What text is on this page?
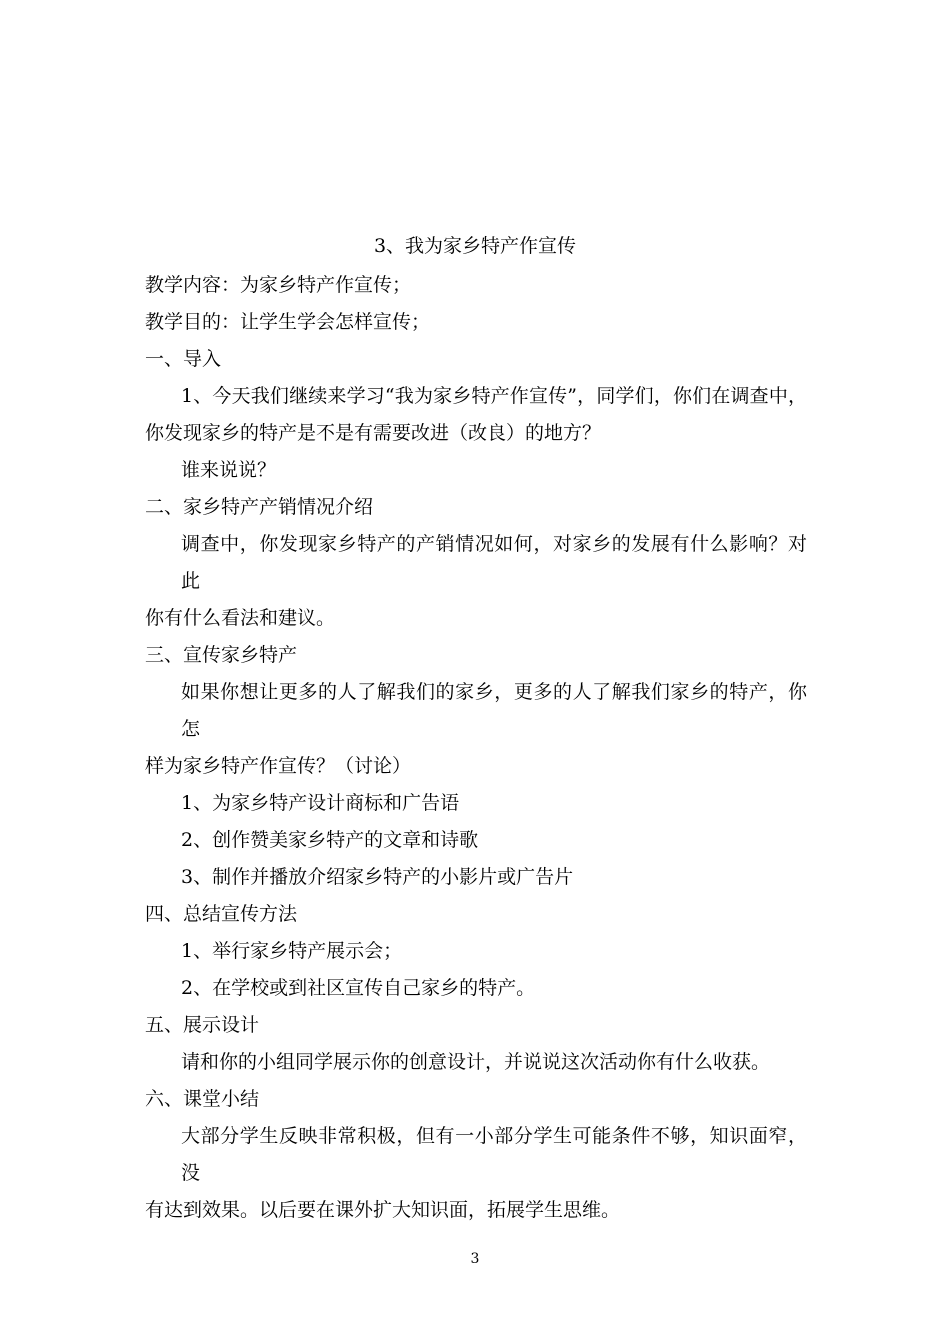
3、我为家乡特产作宣传

教学内容：为家乡特产作宣传；

教学目的：让学生学会怎样宣传；

一、导入

1、今天我们继续来学习“我为家乡特产作宣传”，同学们，你们在调查中，

你发现家乡的特产是不是有需要改进（改良）的地方？

谁来说说？

二、家乡特产产销情况介绍

调查中，你发现家乡特产的产销情况如何，对家乡的发展有什么影响？对此

你有什么看法和建议。

三、宣传家乡特产

如果你想让更多的人了解我们的家乡，更多的人了解我们家乡的特产，你怎

样为家乡特产作宣传？（讨论）

1、为家乡特产设计商标和广告语

2、创作赞美家乡特产的文章和诗歌

3、制作并播放介绍家乡特产的小影片或广告片

四、总结宣传方法

1、举行家乡特产展示会；

2、在学校或到社区宣传自己家乡的特产。

五、展示设计

请和你的小组同学展示你的创意设计，并说说这次活动你有什么收获。

六、课堂小结

大部分学生反映非常积极，但有一小部分学生可能条件不够，知识面窄，没

有达到效果。以后要在课外扩大知识面，拓展学生思维。

3
